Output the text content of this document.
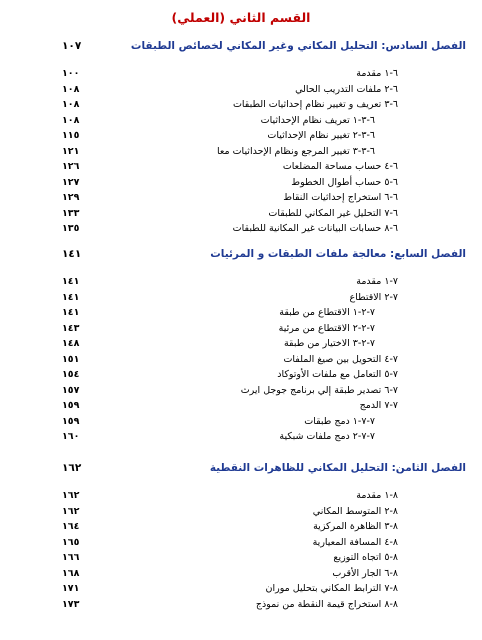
القسم الثاني (العملي)
الفصل السادس: التحليل المكاني وغير المكاني لخصائص الطبقات
١٠٧
٦-١ مقدمة
١٠٠
٦-٢ ملفات التدريب الحالي
١٠٨
٦-٣ تعريف و تغيير نظام إحداثيات الطبقات
١٠٨
٦-٣-١ تعريف نظام الإحداثيات
١٠٨
٦-٣-٢ تغيير نظام الإحداثيات
١١٥
٦-٣-٣ تغيير المرجع ونظام الإحداثيات معا
١٢١
٦-٤ حساب مساحة المضلعات
١٢٦
٦-٥ حساب أطوال الخطوط
١٢٧
٦-٦ استخراج إحداثيات النقاط
١٢٩
٦-٧ التحليل غير المكاني للطبقات
١٣٣
٦-٨ حسابات البيانات غير المكانية للطبقات
١٣٥
الفصل السابع: معالجة ملفات الطبقات و المرئيات
١٤١
٧-١ مقدمة
١٤١
٧-٢ الاقتطاع
١٤١
٧-٢-١ الاقتطاع من طبقة
١٤١
٧-٢-٢ الاقتطاع من مرئية
١٤٣
٧-٢-٣ الاختيار من طبقة
١٤٨
٧-٤ التحويل بين صيغ الملفات
١٥١
٧-٥ التعامل مع ملفات الأوتوكاد
١٥٤
٧-٦ تصدير طبقة إلي برنامج جوجل ايرث
١٥٧
٧-٧ الدمج
١٥٩
٧-٧-١ دمج طبقات
١٥٩
٧-٧-٢ دمج ملفات شبكية
١٦٠
الفصل الثامن: التحليل المكاني للظاهرات النقطية
١٦٢
٨-١ مقدمة
١٦٢
٨-٢ المتوسط المكاني
١٦٢
٨-٣ الظاهرة المركزية
١٦٤
٨-٤ المسافة المعيارية
١٦٥
٨-٥ اتجاه التوزيع
١٦٦
٨-٦ الجار الأقرب
١٦٨
٨-٧ الترابط المكاني بتحليل موران
١٧١
٨-٨ استخراج قيمة النقطة من نموذج
١٧٣
